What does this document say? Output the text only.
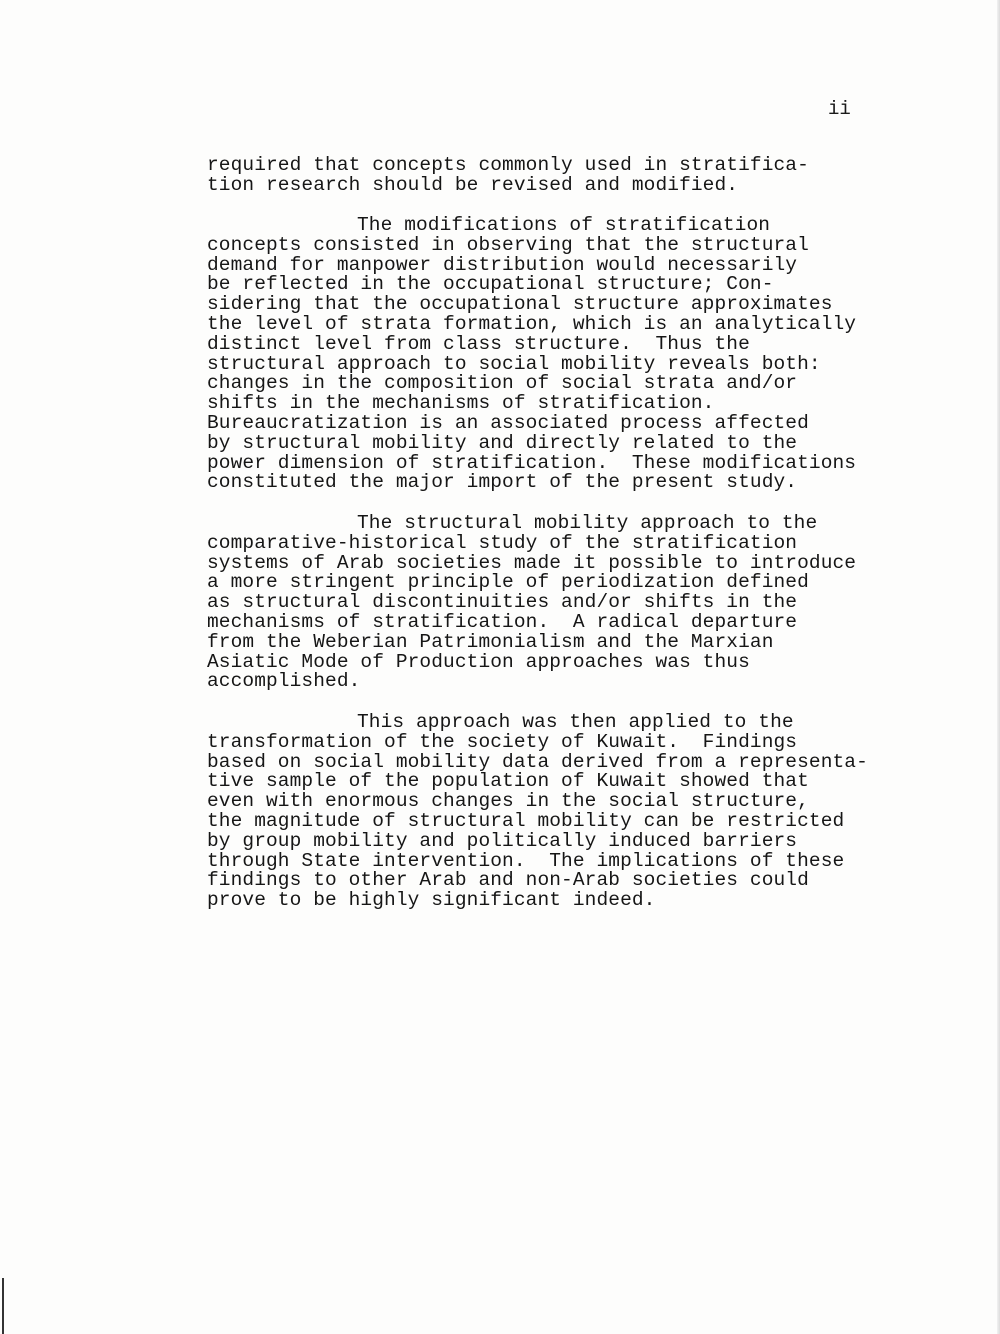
ii
required that concepts commonly used in stratifica-
tion research should be revised and modified.
The modifications of stratification
concepts consisted in observing that the structural
demand for manpower distribution would necessarily
be reflected in the occupational structure; Con-
sidering that the occupational structure approximates
the level of strata formation, which is an analytically
distinct level from class structure.  Thus the
structural approach to social mobility reveals both:
changes in the composition of social strata and/or
shifts in the mechanisms of stratification.
Bureaucratization is an associated process affected
by structural mobility and directly related to the
power dimension of stratification.  These modifications
constituted the major import of the present study.
The structural mobility approach to the
comparative-historical study of the stratification
systems of Arab societies made it possible to introduce
a more stringent principle of periodization defined
as structural discontinuities and/or shifts in the
mechanisms of stratification.  A radical departure
from the Weberian Patrimonialism and the Marxian
Asiatic Mode of Production approaches was thus
accomplished.
This approach was then applied to the
transformation of the society of Kuwait.  Findings
based on social mobility data derived from a representa-
tive sample of the population of Kuwait showed that
even with enormous changes in the social structure,
the magnitude of structural mobility can be restricted
by group mobility and politically induced barriers
through State intervention.  The implications of these
findings to other Arab and non-Arab societies could
prove to be highly significant indeed.
